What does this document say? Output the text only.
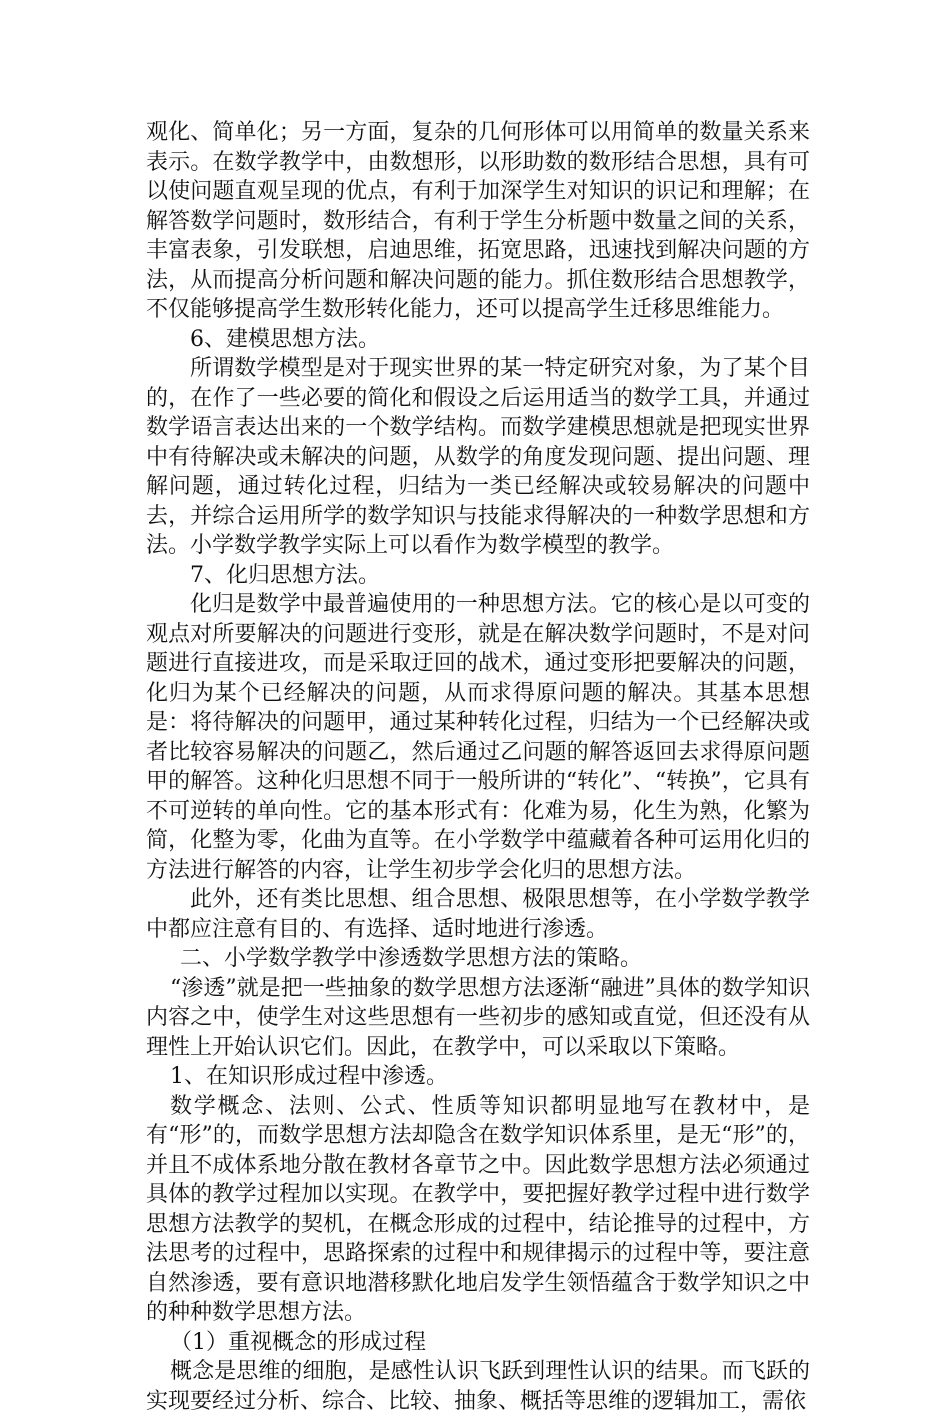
观化、简单化；另一方面，复杂的几何形体可以用简单的数量关系来表示。在数学教学中，由数想形，以形助数的数形结合思想，具有可以使问题直观呈现的优点，有利于加深学生对知识的识记和理解；在解答数学问题时，数形结合，有利于学生分析题中数量之间的关系，丰富表象，引发联想，启迪思维，拓宽思路，迅速找到解决问题的方法，从而提高分析问题和解决问题的能力。抓住数形结合思想教学，不仅能够提高学生数形转化能力，还可以提高学生迁移思维能力。

6、建模思想方法。

所谓数学模型是对于现实世界的某一特定研究对象，为了某个目的，在作了一些必要的简化和假设之后运用适当的数学工具，并通过数学语言表达出来的一个数学结构。而数学建模思想就是把现实世界中有待解决或未解决的问题，从数学的角度发现问题、提出问题、理解问题，通过转化过程，归结为一类已经解决或较易解决的问题中去，并综合运用所学的数学知识与技能求得解决的一种数学思想和方法。小学数学教学实际上可以看作为数学模型的教学。

7、化归思想方法。

化归是数学中最普遍使用的一种思想方法。它的核心是以可变的观点对所要解决的问题进行变形，就是在解决数学问题时，不是对问题进行直接进攻，而是采取迂回的战术，通过变形把要解决的问题，化归为某个已经解决的问题，从而求得原问题的解决。其基本思想是：将待解决的问题甲，通过某种转化过程，归结为一个已经解决或者比较容易解决的问题乙，然后通过乙问题的解答返回去求得原问题甲的解答。这种化归思想不同于一般所讲的“转化”、“转换”，它具有不可逆转的单向性。它的基本形式有：化难为易，化生为熟，化繁为简，化整为零，化曲为直等。在小学数学中蕴藏着各种可运用化归的方法进行解答的内容，让学生初步学会化归的思想方法。

此外，还有类比思想、组合思想、极限思想等，在小学数学教学中都应注意有目的、有选择、适时地进行渗透。

二、小学数学教学中渗透数学思想方法的策略。

“渗透”就是把一些抽象的数学思想方法逐渐“融进”具体的数学知识内容之中，使学生对这些思想有一些初步的感知或直觉，但还没有从理性上开始认识它们。因此，在教学中，可以采取以下策略。

1、在知识形成过程中渗透。

数学概念、法则、公式、性质等知识都明显地写在教材中，是有“形”的，而数学思想方法却隐含在数学知识体系里，是无“形”的，并且不成体系地分散在教材各章节之中。因此数学思想方法必须通过具体的教学过程加以实现。在教学中，要把握好教学过程中进行数学思想方法教学的契机，在概念形成的过程中，结论推导的过程中，方法思考的过程中，思路探索的过程中和规律揭示的过程中等，要注意自然渗透，要有意识地潜移默化地启发学生领悟蕴含于数学知识之中的种种数学思想方法。

（1）重视概念的形成过程

概念是思维的细胞，是感性认识飞跃到理性认识的结果。而飞跃的实现要经过分析、综合、比较、抽象、概括等思维的逻辑加工，需依
